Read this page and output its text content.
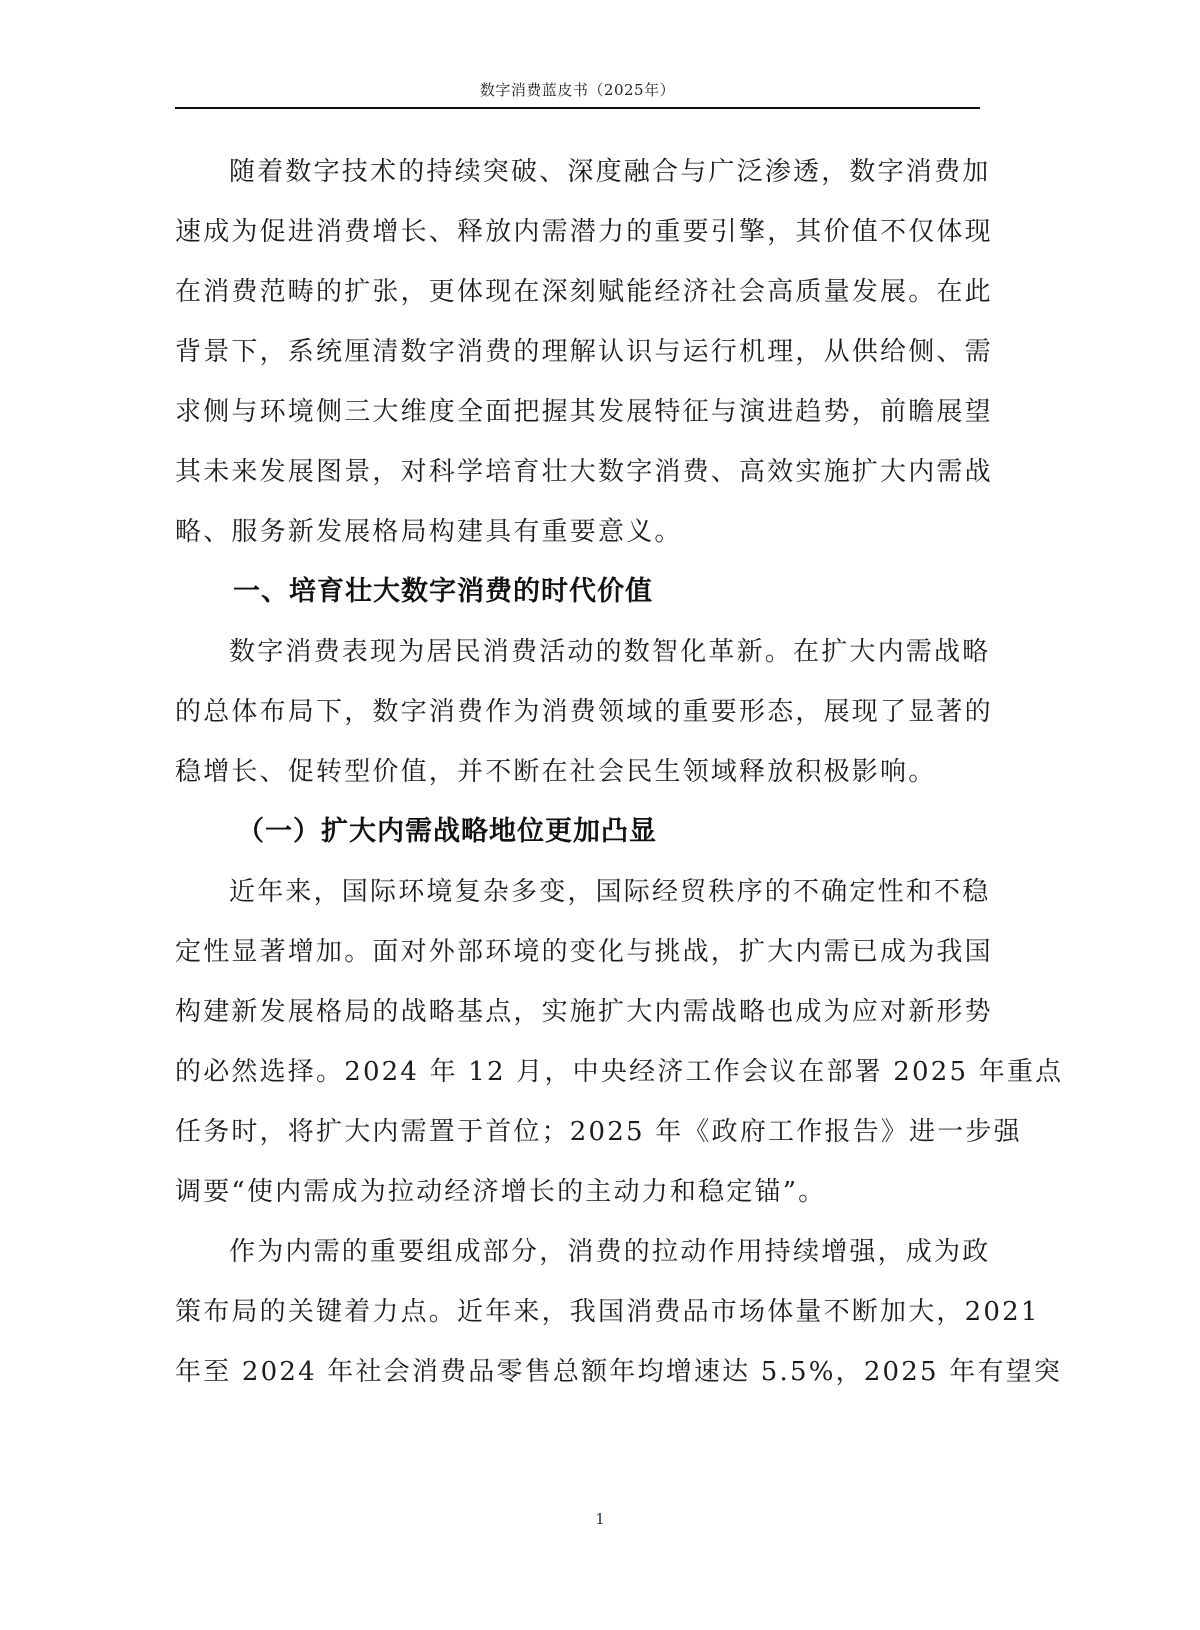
数字消费蓝皮书（2025年）
随着数字技术的持续突破、深度融合与广泛渗透，数字消费加
速成为促进消费增长、释放内需潜力的重要引擎，其价值不仅体现
在消费范畴的扩张，更体现在深刻赋能经济社会高质量发展。在此
背景下，系统厘清数字消费的理解认识与运行机理，从供给侧、需
求侧与环境侧三大维度全面把握其发展特征与演进趋势，前瞻展望
其未来发展图景，对科学培育壮大数字消费、高效实施扩大内需战
略、服务新发展格局构建具有重要意义。
一、培育壮大数字消费的时代价值
数字消费表现为居民消费活动的数智化革新。在扩大内需战略
的总体布局下，数字消费作为消费领域的重要形态，展现了显著的
稳增长、促转型价值，并不断在社会民生领域释放积极影响。
（一）扩大内需战略地位更加凸显
近年来，国际环境复杂多变，国际经贸秩序的不确定性和不稳
定性显著增加。面对外部环境的变化与挑战，扩大内需已成为我国
构建新发展格局的战略基点，实施扩大内需战略也成为应对新形势
的必然选择。2024 年 12 月，中央经济工作会议在部署 2025 年重点
任务时，将扩大内需置于首位；2025 年《政府工作报告》进一步强
调要“使内需成为拉动经济增长的主动力和稳定锚”。
作为内需的重要组成部分，消费的拉动作用持续增强，成为政
策布局的关键着力点。近年来，我国消费品市场体量不断加大，2021
年至 2024 年社会消费品零售总额年均增速达 5.5%，2025 年有望突
1
